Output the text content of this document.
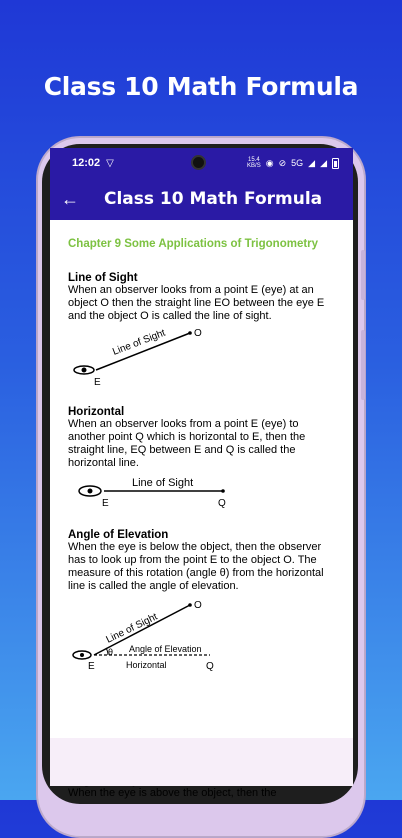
Class 10 Math Formula
12:02 ▽	15.4
KB/S ◉ ⊘ 5G ◢ ◢
←	Class 10 Math Formula
Chapter 9 Some Applications of Trigonometry
Line of Sight
When an observer looks from a point E (eye) at an object O then the straight line EO between the eye E and the object O is called the line of sight.
Line of Sight	O
E
Horizontal
When an observer looks from a point E (eye) to another point Q which is horizontal to E, then the straight line, EQ between E and Q is called the horizontal line.
Line of Sight
E	Q
Angle of Elevation
When the eye is below the object, then the observer has to look up from the point E to the object O. The measure of this rotation (angle θ) from the horizontal line is called the angle of elevation.
Line of Sight
Angle of Elevation
θ
Horizontal
O
E	Q
When the eye is above the object, then the
